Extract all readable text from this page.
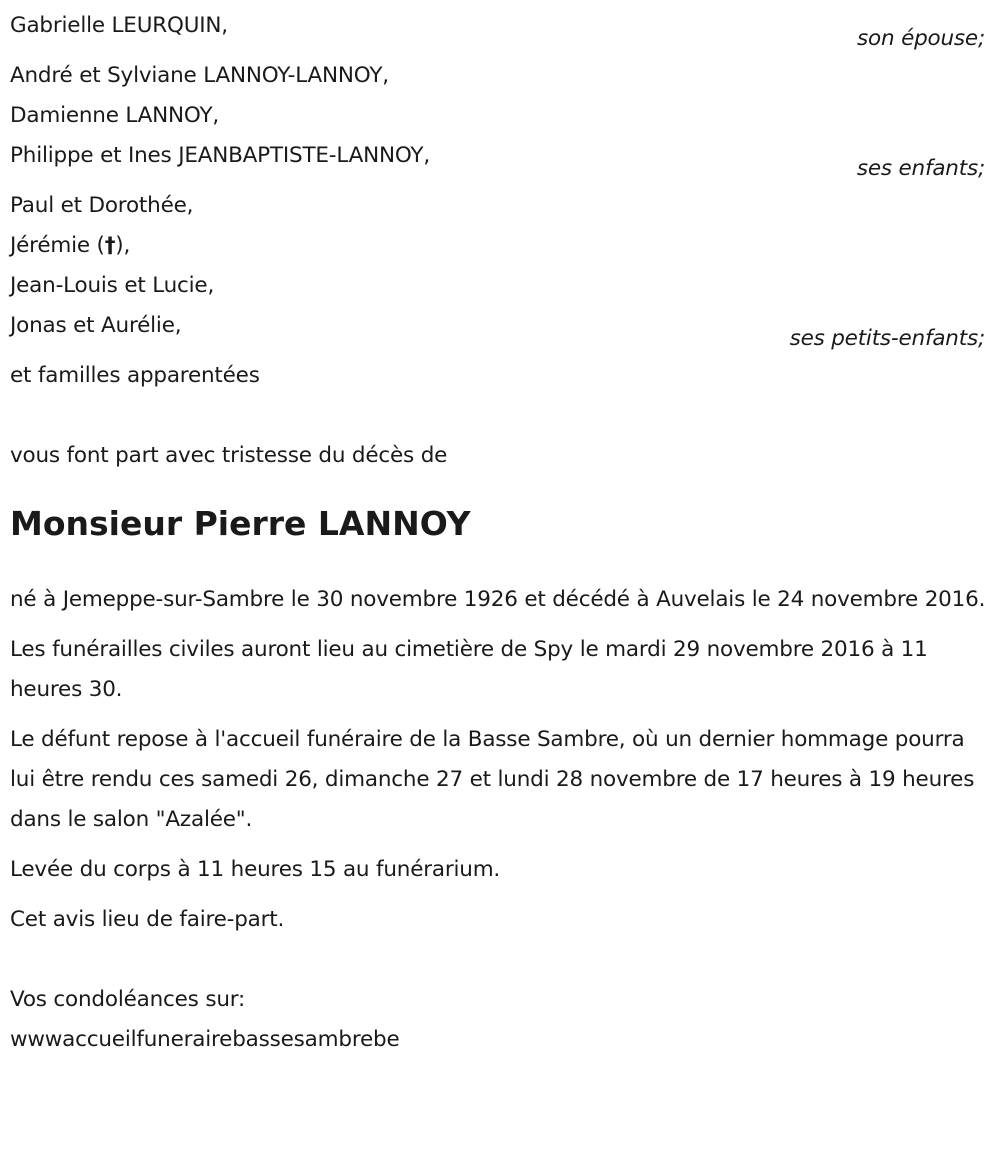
Gabrielle LEURQUIN,
son épouse;
André et Sylviane LANNOY-LANNOY,
Damienne LANNOY,
Philippe et Ines JEANBAPTISTE-LANNOY,
ses enfants;
Paul et Dorothée,
Jérémie (†),
Jean-Louis et Lucie,
Jonas et Aurélie,
ses petits-enfants;
et familles apparentées
vous font part avec tristesse du décès de
Monsieur Pierre LANNOY

né à Jemeppe-sur-Sambre le 30 novembre 1926 et décédé à Auvelais le 24 novembre 2016.

Les funérailles civiles auront lieu au cimetière de Spy le mardi 29 novembre 2016 à 11 heures 30.

Le défunt repose à l'accueil funéraire de la Basse Sambre, où un dernier hommage pourra lui être rendu ces samedi 26, dimanche 27 et lundi 28 novembre de 17 heures à 19 heures dans le salon "Azalée".

Levée du corps à 11 heures 15 au funérarium.

Cet avis lieu de faire-part.

Vos condoléances sur:
wwwaccueilfunerairebassesambrebe
